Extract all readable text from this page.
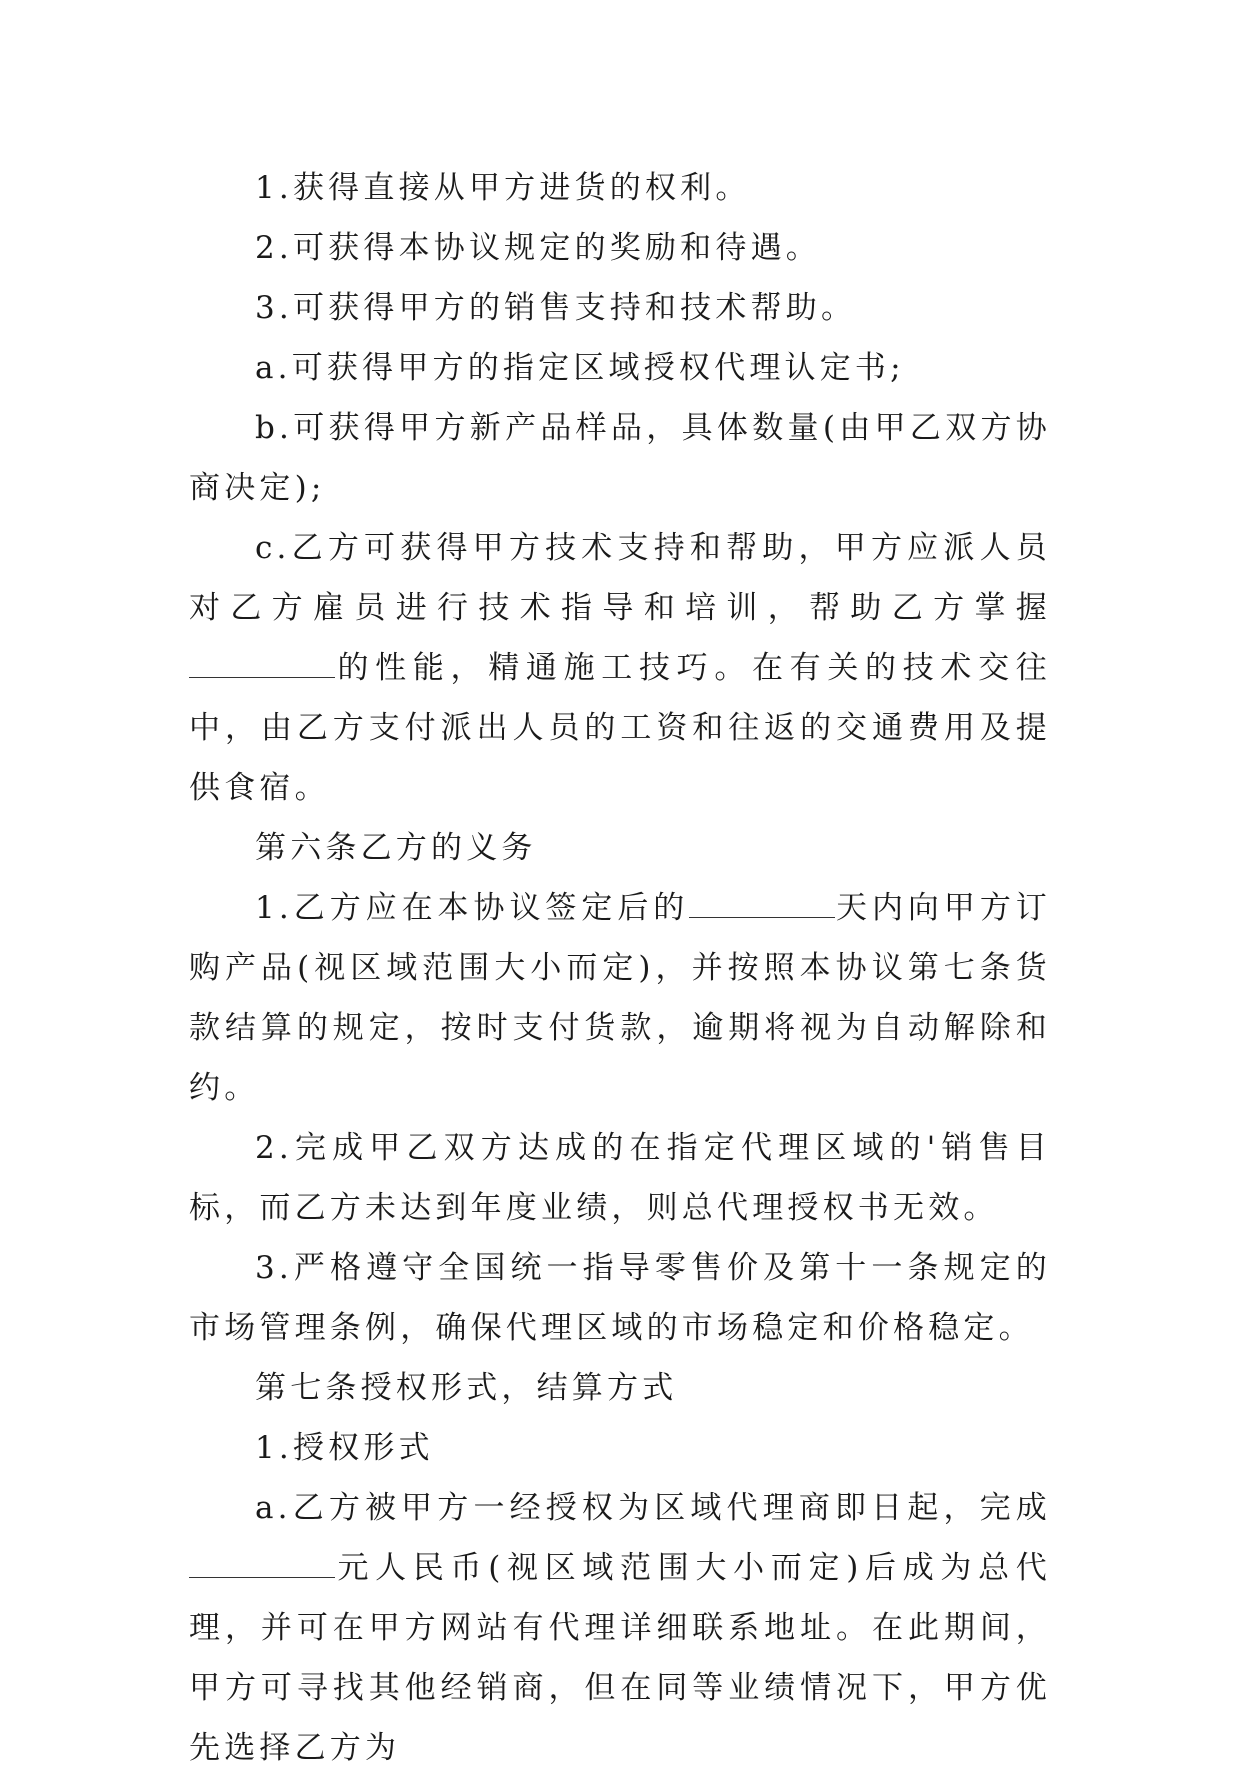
1.获得直接从甲方进货的权利。

2.可获得本协议规定的奖励和待遇。

3.可获得甲方的销售支持和技术帮助。

a.可获得甲方的指定区域授权代理认定书;

b.可获得甲方新产品样品，具体数量(由甲乙双方协商决定);

c.乙方可获得甲方技术支持和帮助，甲方应派人员对乙方雇员进行技术指导和培训，帮助乙方掌握的性能，精通施工技巧。在有关的技术交往中，由乙方支付派出人员的工资和往返的交通费用及提供食宿。

第六条乙方的义务

1.乙方应在本协议签定后的	天内向甲方订购产品(视区域范围大小而定)，并按照本协议第七条货款结算的规定，按时支付货款，逾期将视为自动解除和约。

2.完成甲乙双方达成的在指定代理区域的'销售目标，而乙方未达到年度业绩，则总代理授权书无效。

3.严格遵守全国统一指导零售价及第十一条规定的市场管理条例，确保代理区域的市场稳定和价格稳定。

第七条授权形式，结算方式

1.授权形式

a.乙方被甲方一经授权为区域代理商即日起，完成元人民币(视区域范围大小而定)后成为总代理，并可在甲方网站有代理详细联系地址。在此期间，甲方可寻找其他经销商，但在同等业绩情况下，甲方优先选择乙方为
